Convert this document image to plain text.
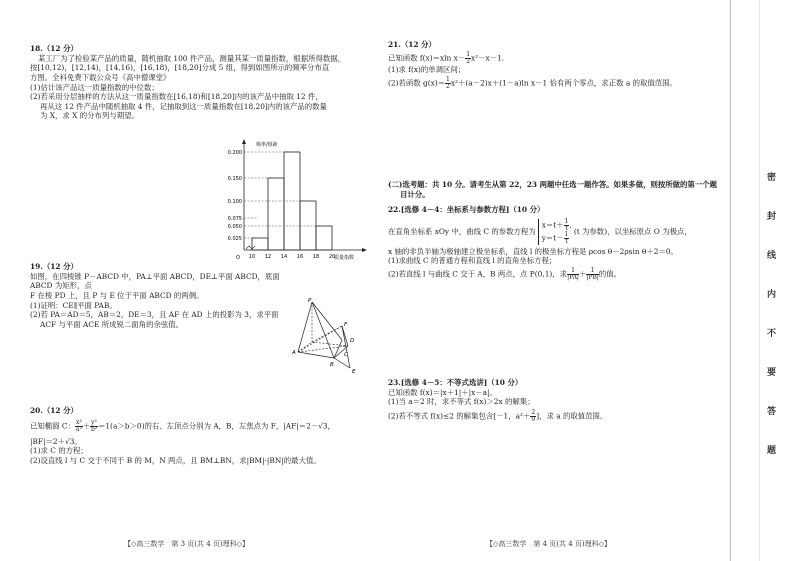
18.（12 分）
某工厂为了检验某产品的质量，随机抽取 100 件产品，测量其某一质量指数，根据所得数据，
按[10,12)，[12,14)，[14,16)，[16,18)，[18,20]分成 5 组，得到如图所示的频率分布直
方图。全科免费下载公众号《高中僧课堂》
(1)估计该产品这一质量指数的中位数；
(2)若采用分层抽样的方法从这一质量指数在[16,18)和[18,20]内的该产品中抽取 12 件，
再从这 12 件产品中随机抽取 4 件，记抽取到这一质量指数在[18,20]内的该产品的数量
为 X，求 X 的分布列与期望。
频率/组距
质量指数
O
0.200
0.150
0.100
0.075
0.050
0.025
10 12 14 16 18 20
19.（12 分）
如图，在四棱锥 P－ABCD 中，PA⊥平面 ABCD，DE⊥平面 ABCD，底面 ABCD 为矩形，点
F 在棱 PD 上，且 P 与 E 位于平面 ABCD 的两侧。
(1)证明：CE∥平面 PAB。
(2)若 PA＝AD＝5，AB＝2，DE＝3，且 AF 在 AD 上的投影为 3，求平面
ACF 与平面 ACE 所成锐二面角的余弦值。
P
F
D
A
B
C
E
20.（12 分）
已知椭圆 C： $\frac{\text{x²}}{\text{a²}} + \frac{\text{y²}}{\text{b²}} =1(a>b>0)$的右、左顶点分别为 A，B，左焦点为 F，|AF|＝2－√3，
|BF|＝2＋√3。
(1)求 C 的方程；
(2)设直线 l 与 C 交于不同于 B 的 M，N 两点，且 BM⊥BN，求|BM|·|BN|的最大值。
【◇高三数学　第 3 页(共 4 页)理科◇】
21.（12 分）
已知函数 f(x)＝xln $x- \frac{1}{2} x^2-x-1$.
(1)求 f(x)的单调区间；
(2)若函数 $g(x)= \frac{1}{2} x^2+(a-2)x+(1-a)\ln$ x－1 恰有两个零点，求正数 a 的取值范围。
(二)选考题：共 10 分。请考生从第 22，23 两题中任选一题作答。如果多做，则按所做的第一个题
目计分。
22.[选修 4－4：坐标系与参数方程]（10 分）
在直角坐标系 xOy 中，曲线 C 的参数方程为
$x=t+ \frac{1}{t}$ ,
$y=t- \frac{1}{t}$
(t 为参数)，以坐标原点 O 为极点，
x 轴的非负半轴为极轴建立极坐标系，直线 l 的极坐标方程是 ρcos θ－2ρsin θ＋2＝0。
(1)求曲线 C 的普通方程和直线 l 的直角坐标方程；
(2)若直线 l 与曲线 C 交于 A，B 两点，点 P(0,1)，求 $\frac{1}{|PA|} + \frac{1}{|PB|}$ 的值。
23.[选修 4－5：不等式选讲]（10 分）
已知函数 f(x)＝|x＋1|＋|x－a|。
(1)当 a＝2 时，求不等式 f(x)＞2x 的解集；
(2)若不等式 f(x)≤2 的解集包含[－1，$a^2+ \frac{2}{9}$ ]，求 a 的取值范围。
【◇高三数学　第 4 页(共 4 页)理科◇】
密
封
线
内
不
要
答
题
